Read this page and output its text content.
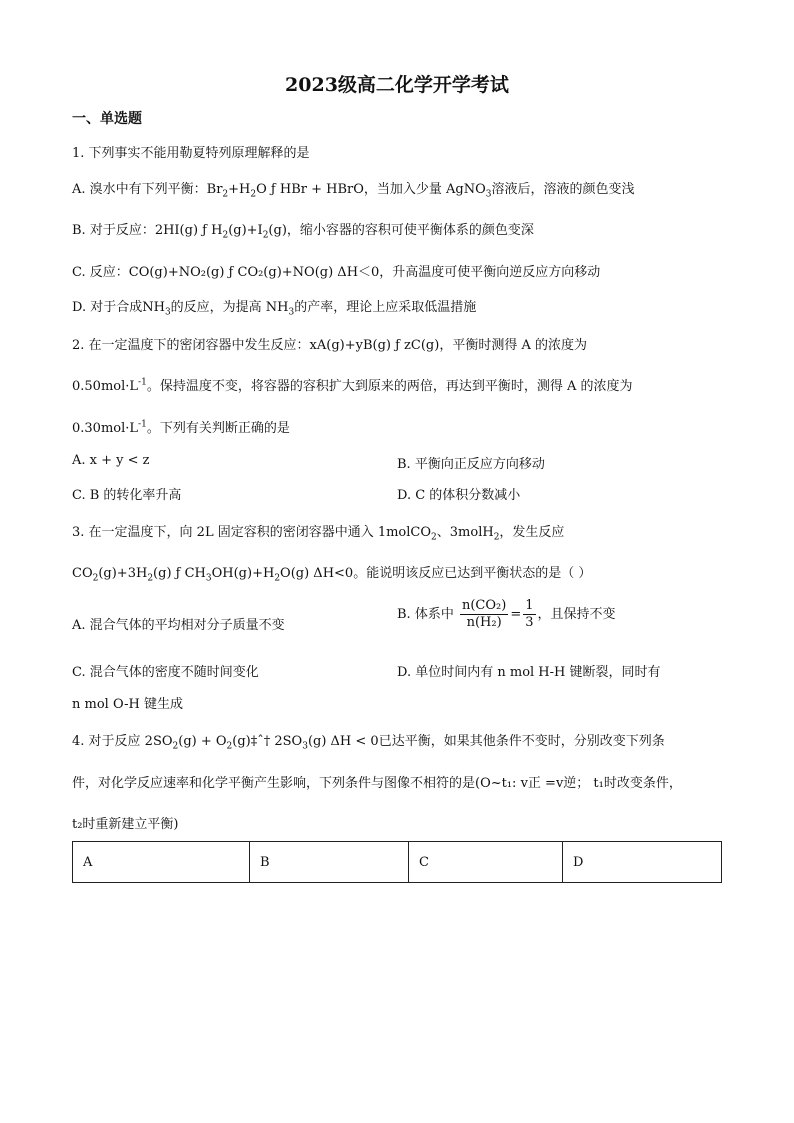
2023级高二化学开学考试
一、单选题
1. 下列事实不能用勒夏特列原理解释的是
A. 溴水中有下列平衡：$Br_2+H_2O$ ƒ HBr + HBrO，当加入少量 AgNO$_3$溶液后，溶液的颜色变浅
B. 对于反应：2HI(g) ƒ $H_2(g)+I_2(g)$，缩小容器的容积可使平衡体系的颜色变深
C. 反应：CO(g)+NO₂(g) ƒ CO₂(g)+NO(g) ΔH＜0，升高温度可使平衡向逆反应方向移动
D. 对于合成$NH_3$的反应，为提高 $NH_3$的产率，理论上应采取低温措施
2. 在一定温度下的密闭容器中发生反应：xA(g)+yB(g) ƒ zC(g)，平衡时测得 A 的浓度为
$0.50mol\cdot L^{-1}$。保持温度不变，将容器的容积扩大到原来的两倍，再达到平衡时，测得 A 的浓度为
$0.30mol\cdot L^{-1}$。下列有关判断正确的是
A. x + y < z	B. 平衡向正反应方向移动
C. B 的转化率升高	D. C 的体积分数减小
3. 在一定温度下，向 2L 固定容积的密闭容器中通入 1molCO$_2$、3molH$_2$，发生反应
$CO_2(g)+3H_2(g)$ ƒ $CH_3OH(g)+H_2O(g)$ ΔH<0。能说明该反应已达到平衡状态的是（ ）
A. 混合气体的平均相对分子质量不变
B. 体系中 $\frac{\text{n(CO₂)}}{\text{n(H₂)}} = \frac{1}{3}$ ，且保持不变
C. 混合气体的密度不随时间变化	D. 单位时间内有 n mol H-H 键断裂，同时有
n mol O-H 键生成
4. 对于反应 $2SO_2(g)$ + $O_2(g)\ddagger ˆ\dagger$ $2SO_3(g) \Delta H < 0$已达平衡，如果其他条件不变时，分别改变下列条
件，对化学反应速率和化学平衡产生影响，下列条件与图像不相符的是(O~t₁: v正 =v逆； t₁时改变条件，
t₂时重新建立平衡)
A	B	C	D
